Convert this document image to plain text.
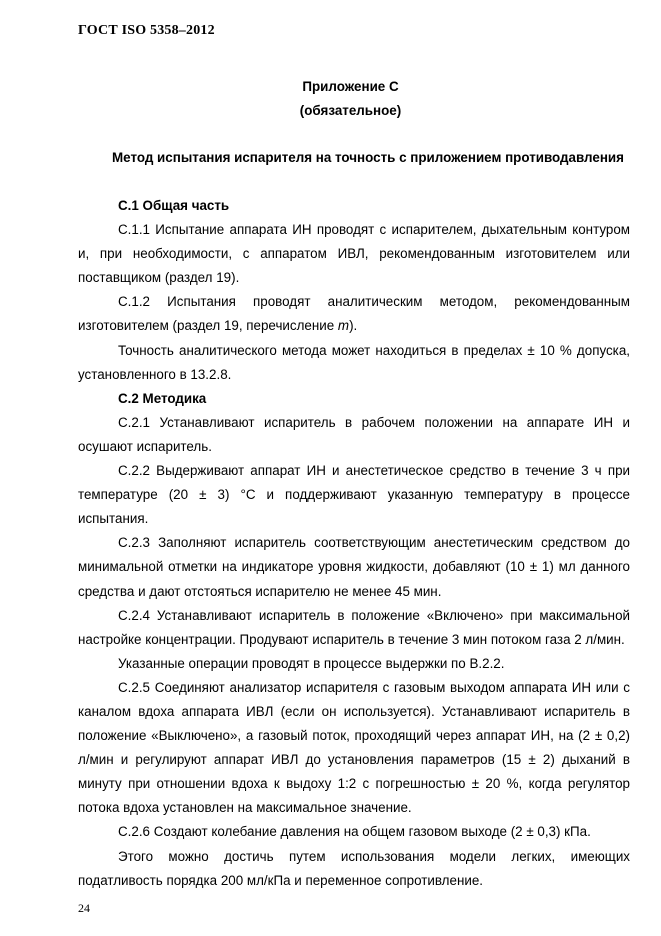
ГОСТ ISO 5358–2012
Приложение С
(обязательное)
Метод испытания испарителя на точность с приложением противодавления

С.1 Общая часть

С.1.1 Испытание аппарата ИН проводят с испарителем, дыхательным контуром и, при необходимости, с аппаратом ИВЛ, рекомендованным изготовителем или поставщиком (раздел 19).

С.1.2 Испытания проводят аналитическим методом, рекомендованным изготовителем (раздел 19, перечисление m).

Точность аналитического метода может находиться в пределах ± 10 % допуска, установленного в 13.2.8.

С.2 Методика

С.2.1 Устанавливают испаритель в рабочем положении на аппарате ИН и осушают испаритель.

С.2.2 Выдерживают аппарат ИН и анестетическое средство в течение 3 ч при температуре (20 ± 3) °С и поддерживают указанную температуру в процессе испытания.

С.2.3 Заполняют испаритель соответствующим анестетическим средством до минимальной отметки на индикаторе уровня жидкости, добавляют (10 ± 1) мл данного средства и дают отстояться испарителю не менее 45 мин.

С.2.4 Устанавливают испаритель в положение «Включено» при максимальной настройке концентрации. Продувают испаритель в течение 3 мин потоком газа 2 л/мин.

Указанные операции проводят в процессе выдержки по В.2.2.

С.2.5 Соединяют анализатор испарителя с газовым выходом аппарата ИН или с каналом вдоха аппарата ИВЛ (если он используется). Устанавливают испаритель в положение «Выключено», а газовый поток, проходящий через аппарат ИН, на (2 ± 0,2) л/мин и регулируют аппарат ИВЛ до установления параметров (15 ± 2) дыханий в минуту при отношении вдоха к выдоху 1:2 с погрешностью ± 20 %, когда регулятор потока вдоха установлен на максимальное значение.

С.2.6 Создают колебание давления на общем газовом выходе (2 ± 0,3) кПа.

Этого можно достичь путем использования модели легких, имеющих податливость порядка 200 мл/кПа и переменное сопротивление.

24
